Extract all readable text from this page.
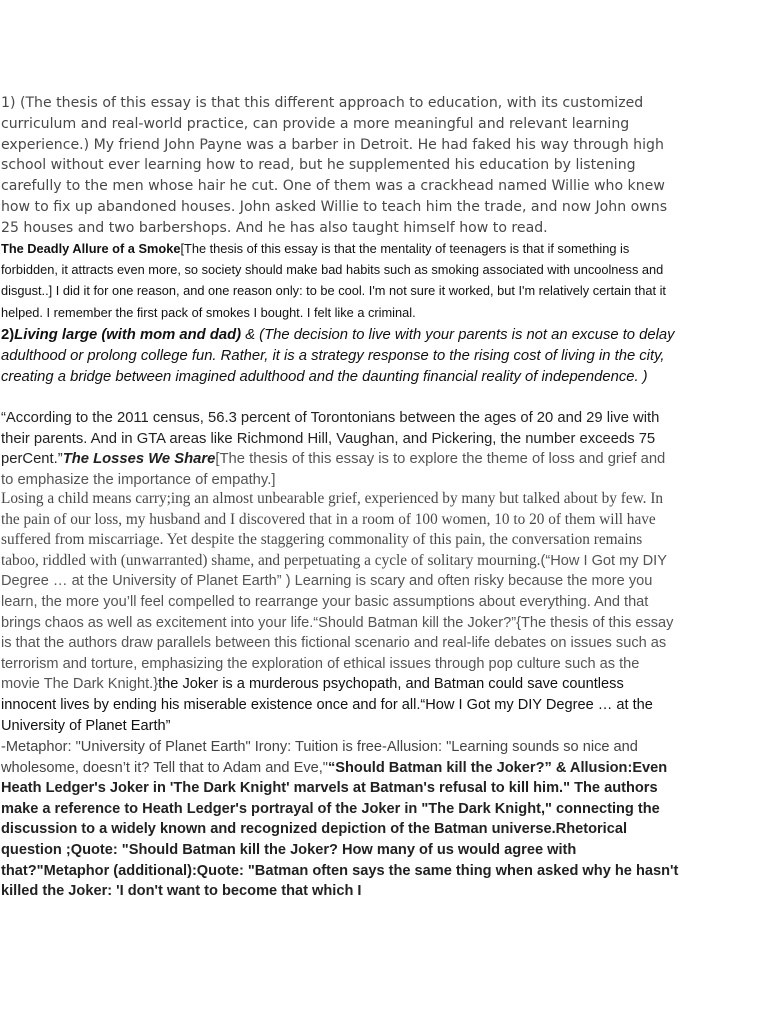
1) (The thesis of this essay is that this different approach to education, with its customized curriculum and real-world practice, can provide a more meaningful and relevant learning experience.) My friend John Payne was a barber in Detroit. He had faked his way through high school without ever learning how to read, but he supplemented his education by listening carefully to the men whose hair he cut. One of them was a crackhead named Willie who knew how to fix up abandoned houses. John asked Willie to teach him the trade, and now John owns 25 houses and two barbershops. And he has also taught himself how to read.

The Deadly Allure of a Smoke[The thesis of this essay is that the mentality of teenagers is that if something is forbidden, it attracts even more, so society should make bad habits such as smoking associated with uncoolness and disgust..] I did it for one reason, and one reason only: to be cool. I'm not sure it worked, but I'm relatively certain that it helped. I remember the first pack of smokes I bought. I felt like a criminal.

2)Living large (with mom and dad) & (The decision to live with your parents is not an excuse to delay adulthood or prolong college fun. Rather, it is a strategy response to the rising cost of living in the city, creating a bridge between imagined adulthood and the daunting financial reality of independence. )

“According to the 2011 census, 56.3 percent of Torontonians between the ages of 20 and 29 live with their parents. And in GTA areas like Richmond Hill, Vaughan, and Pickering, the number exceeds 75 perCent.”The Losses We Share[The thesis of this essay is to explore the theme of loss and grief and to emphasize the importance of empathy.]

Losing a child means carry;ing an almost unbearable grief, experienced by many but talked about by few. In the pain of our loss, my husband and I discovered that in a room of 100 women, 10 to 20 of them will have suffered from miscarriage. Yet despite the staggering commonality of this pain, the conversation remains taboo, riddled with (unwarranted) shame, and perpetuating a cycle of solitary mourning.(“How I Got my DIY Degree … at the University of Planet Earth” ) Learning is scary and often risky because the more you learn, the more you’ll feel compelled to rearrange your basic assumptions about everything. And that brings chaos as well as excitement into your life.“Should Batman kill the Joker?”{The thesis of this essay is that the authors draw parallels between this fictional scenario and real-life debates on issues such as terrorism and torture, emphasizing the exploration of ethical issues through pop culture such as the movie The Dark Knight.}the Joker is a murderous psychopath, and Batman could save countless innocent lives by ending his miserable existence once and for all.“How I Got my DIY Degree … at the University of Planet Earth”

-Metaphor: "University of Planet Earth" Irony: Tuition is free-Allusion: "Learning sounds so nice and wholesome, doesn’t it? Tell that to Adam and Eve,"“Should Batman kill the Joker?” & Allusion:Even Heath Ledger's Joker in 'The Dark Knight' marvels at Batman's refusal to kill him." The authors make a reference to Heath Ledger's portrayal of the Joker in "The Dark Knight," connecting the discussion to a widely known and recognized depiction of the Batman universe.Rhetorical question ;Quote: "Should Batman kill the Joker? How many of us would agree with that?"Metaphor (additional):Quote: "Batman often says the same thing when asked why he hasn't killed the Joker: 'I don't want to become that which I
